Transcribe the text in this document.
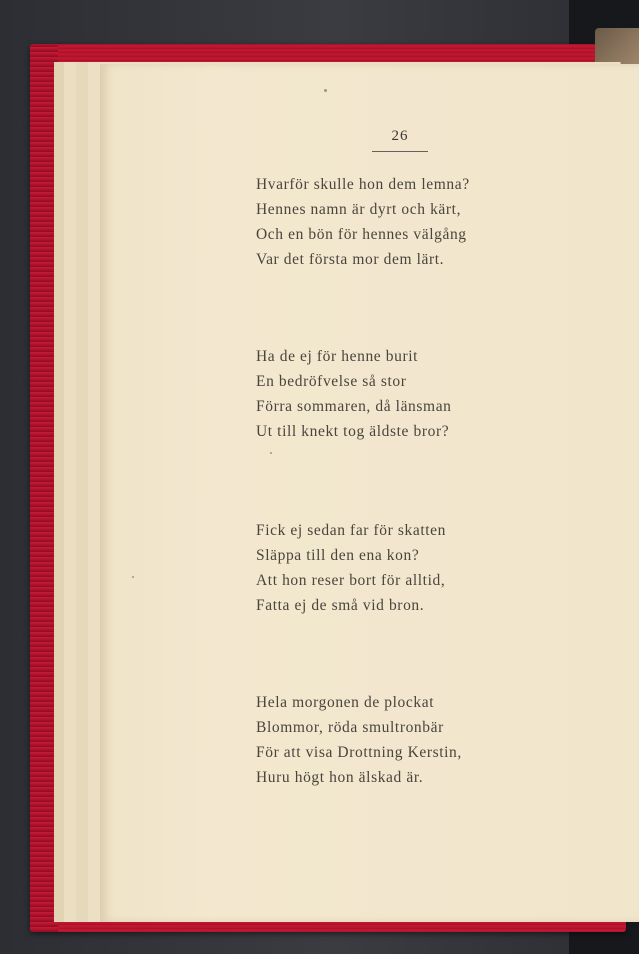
26
Hvarför skulle hon dem lemna?
Hennes namn är dyrt och kärt,
Och en bön för hennes välgång
Var det första mor dem lärt.
Ha de ej för henne burit
En bedröfvelse så stor
Förra sommaren, då länsman
Ut till knekt tog äldste bror?
Fick ej sedan far för skatten
Släppa till den ena kon?
Att hon reser bort för alltid,
Fatta ej de små vid bron.
Hela morgonen de plockat
Blommor, röda smultronbär
För att visa Drottning Kerstin,
Huru högt hon älskad är.
